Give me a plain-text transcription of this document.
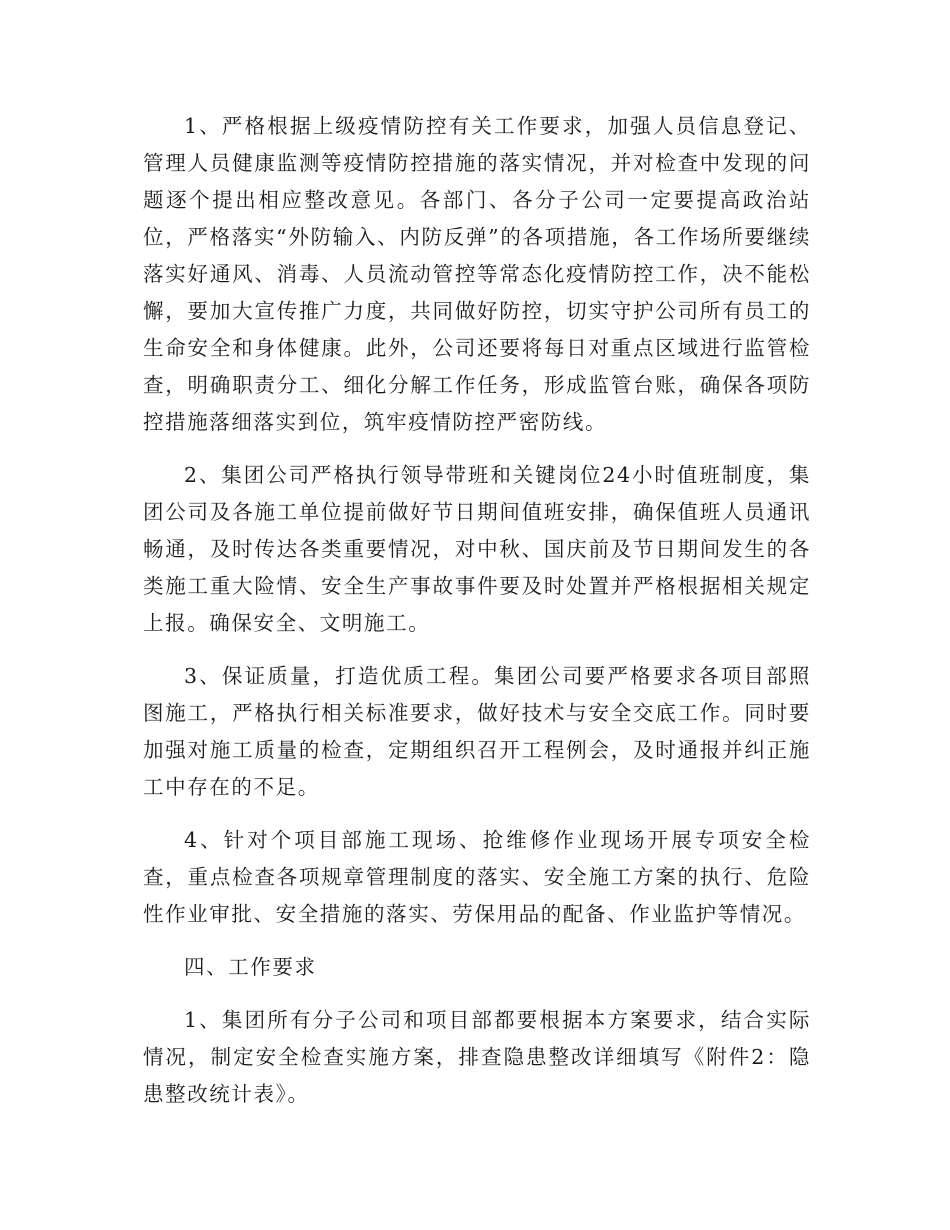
1、严格根据上级疫情防控有关工作要求，加强人员信息登记、管理人员健康监测等疫情防控措施的落实情况，并对检查中发现的问题逐个提出相应整改意见。各部门、各分子公司一定要提高政治站位，严格落实“外防输入、内防反弹”的各项措施，各工作场所要继续落实好通风、消毒、人员流动管控等常态化疫情防控工作，决不能松懈，要加大宣传推广力度，共同做好防控，切实守护公司所有员工的生命安全和身体健康。此外，公司还要将每日对重点区域进行监管检查，明确职责分工、细化分解工作任务，形成监管台账，确保各项防控措施落细落实到位，筑牢疫情防控严密防线。

2、集团公司严格执行领导带班和关键岗位24小时值班制度，集团公司及各施工单位提前做好节日期间值班安排，确保值班人员通讯畅通，及时传达各类重要情况，对中秋、国庆前及节日期间发生的各类施工重大险情、安全生产事故事件要及时处置并严格根据相关规定上报。确保安全、文明施工。

3、保证质量，打造优质工程。集团公司要严格要求各项目部照图施工，严格执行相关标准要求，做好技术与安全交底工作。同时要加强对施工质量的检查，定期组织召开工程例会，及时通报并纠正施工中存在的不足。

4、针对个项目部施工现场、抢维修作业现场开展专项安全检查，重点检查各项规章管理制度的落实、安全施工方案的执行、危险性作业审批、安全措施的落实、劳保用品的配备、作业监护等情况。

四、工作要求

1、集团所有分子公司和项目部都要根据本方案要求，结合实际情况，制定安全检查实施方案，排查隐患整改详细填写《附件2：隐患整改统计表》。
